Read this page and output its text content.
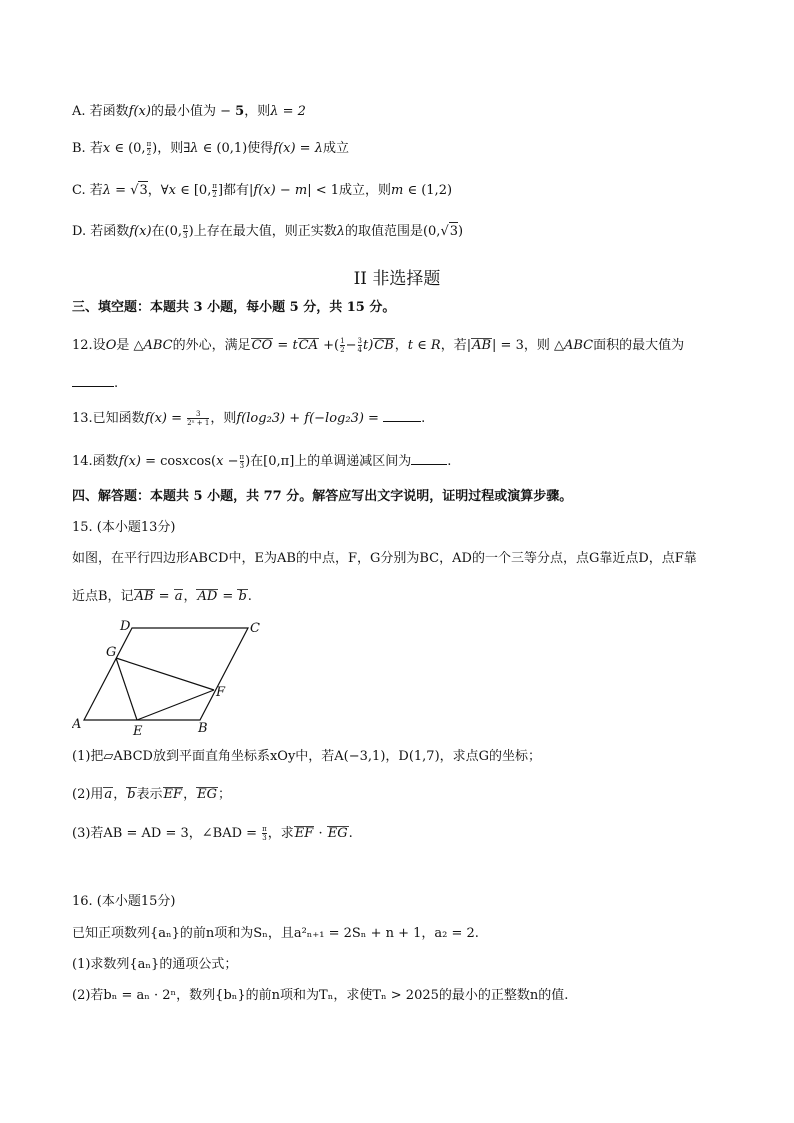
A. 若函数f(x)的最小值为 − 5，则λ = 2
B. 若x ∈ (0, $\frac{\pi}{2}$ )，则∃λ ∈ (0,1)使得f(x) = λ成立
C. 若λ = √3，∀x ∈ [0, $\frac{\pi}{2}$ ]都有|f(x) − m| < 1成立，则m ∈ (1,2)
D. 若函数f(x)在(0, $\frac{\pi}{3}$ )上存在最大值，则正实数λ的取值范围是(0,√3)
II 非选择题
三、填空题：本题共 3 小题，每小题 5 分，共 15 分。
12.设O是 △ABC的外心，满足CO = tCA +( $\frac{1}{2} - \frac{3}{4} t)CB$，t ∈ R，若|AB| = 3，则 △ABC面积的最大值为
.
13.已知函数$f(x) = \frac{3}{\text{2ˣ + 1}}$ ，则f(log₂3) + f(−log₂3) =	.
14.函数f(x) = cosxcos(x − $\frac{\pi}{3}$ )在[0,π]上的单调递减区间为	.
四、解答题：本题共 5 小题，共 77 分。解答应写出文字说明，证明过程或演算步骤。
15. (本小题13分)
如图，在平行四边形ABCD中，E为AB的中点，F，G分别为BC，AD的一个三等分点，点G靠近点D，点F靠
近点B，记AB = a，AD = b.
D	C
G
F
A	E	B
(1)把▱ABCD放到平面直角坐标系xOy中，若A(−3,1)，D(1,7)，求点G的坐标；
(2)用a，b表示EF，EG；
(3)若AB = AD = 3，∠BAD = $\frac{\pi}{3}$ ，求EF · EG.
16. (本小题15分)
已知正项数列{aₙ}的前n项和为Sₙ，且a²ₙ₊₁ = 2Sₙ + n + 1，a₂ = 2.
(1)求数列{aₙ}的通项公式；
(2)若bₙ = aₙ · 2ⁿ，数列{bₙ}的前n项和为Tₙ，求使Tₙ > 2025的最小的正整数n的值.
